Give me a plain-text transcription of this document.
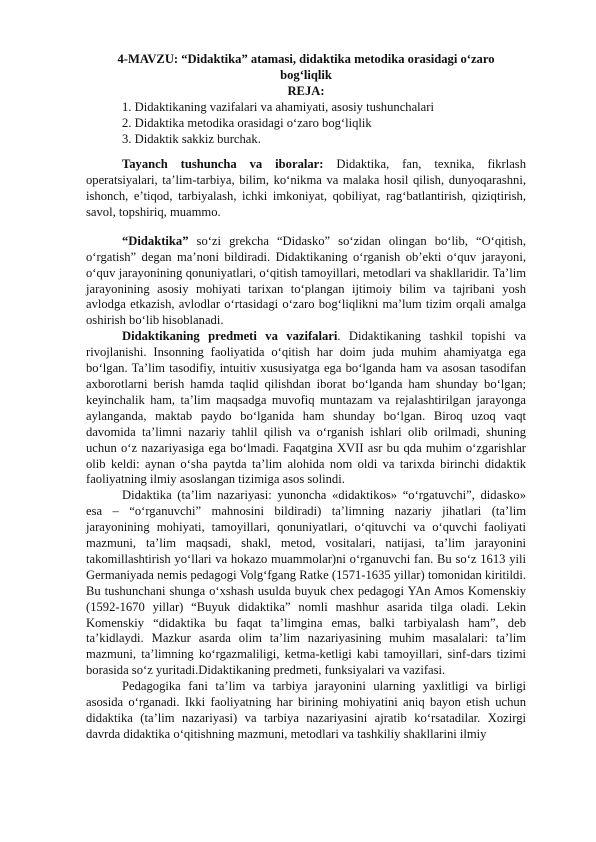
4-MAVZU: “Didaktika” atamasi, didaktika metodika orasidagi o‘zaro bog‘liqlik
REJA:
1. Didaktikaning vazifalari va ahamiyati, asosiy tushunchalari
2. Didaktika metodika orasidagi o‘zaro bog‘liqlik
3. Didaktik sakkiz burchak.

Tayanch tushuncha va iboralar: Didaktika, fan, texnika, fikrlash operatsiyalari, ta’lim-tarbiya, bilim, ko‘nikma va malaka hosil qilish, dunyoqarashni, ishonch, e’tiqod, tarbiyalash, ichki imkoniyat, qobiliyat, rag‘batlantirish, qiziqtirish, savol, topshiriq, muammo.

“Didaktika” so‘zi grekcha “Didasko” so‘zidan olingan bo‘lib, “O‘qitish, o‘rgatish” degan ma’noni bildiradi. Didaktikaning o‘rganish ob’ekti o‘quv jarayoni, o‘quv jarayonining qonuniyatlari, o‘qitish tamoyillari, metodlari va shakllaridir. Ta’lim jarayonining asosiy mohiyati tarixan to‘plangan ijtimoiy bilim va tajribani yosh avlodga etkazish, avlodlar o‘rtasidagi o‘zaro bog‘liqlikni ma’lum tizim orqali amalga oshirish bo‘lib hisoblanadi.

Didaktikaning predmeti va vazifalari. Didaktikaning tashkil topishi va rivojlanishi. Insonning faoliyatida o‘qitish har doim juda muhim ahamiyatga ega bo‘lgan. Ta’lim tasodifiy, intuitiv xususiyatga ega bo‘lganda ham va asosan tasodifan axborotlarni berish hamda taqlid qilishdan iborat bo‘lganda ham shunday bo‘lgan; keyinchalik ham, ta’lim maqsadga muvofiq muntazam va rejalashtirilgan jarayonga aylanganda, maktab paydo bo‘lganida ham shunday bo‘lgan. Biroq uzoq vaqt davomida ta’limni nazariy tahlil qilish va o‘rganish ishlari olib orilmadi, shuning uchun o‘z nazariyasiga ega bo‘lmadi. Faqatgina XVII asr bu qda muhim o‘zgarishlar olib keldi: aynan o‘sha paytda ta’lim alohida nom oldi va tarixda birinchi didaktik faoliyatning ilmiy asoslangan tizimiga asos solindi.

Didaktika (ta’lim nazariyasi: yunoncha «didaktikos» “o‘rgatuvchi”, didasko» esa – “o‘rganuvchi” mahnosini bildiradi) ta’limning nazariy jihatlari (ta’lim jarayonining mohiyati, tamoyillari, qonuniyatlari, o‘qituvchi va o‘quvchi faoliyati mazmuni, ta’lim maqsadi, shakl, metod, vositalari, natijasi, ta’lim jarayonini takomillashtirish yo‘llari va hokazo muammolar)ni o‘rganuvchi fan. Bu so‘z 1613 yili Germaniyada nemis pedagogi Volg‘fgang Ratke (1571-1635 yillar) tomonidan kiritildi. Bu tushunchani shunga o‘xshash usulda buyuk chex pedagogi YAn Amos Komenskiy (1592-1670 yillar) “Buyuk didaktika” nomli mashhur asarida tilga oladi. Lekin Komenskiy “didaktika bu faqat ta’limgina emas, balki tarbiyalash ham”, deb ta’kidlaydi. Mazkur asarda olim ta’lim nazariyasining muhim masalalari: ta’lim mazmuni, ta’limning ko‘rgazmaliligi, ketma-ketligi kabi tamoyillari, sinf-dars tizimi borasida so‘z yuritadi.Didaktikaning predmeti, funksiyalari va vazifasi.

Pedagogika fani ta’lim va tarbiya jarayonini ularning yaxlitligi va birligi asosida o‘rganadi. Ikki faoliyatning har birining mohiyatini aniq bayon etish uchun didaktika (ta’lim nazariyasi) va tarbiya nazariyasini ajratib ko‘rsatadilar. Xozirgi davrda didaktika o‘qitishning mazmuni, metodlari va tashkiliy shakllarini ilmiy
